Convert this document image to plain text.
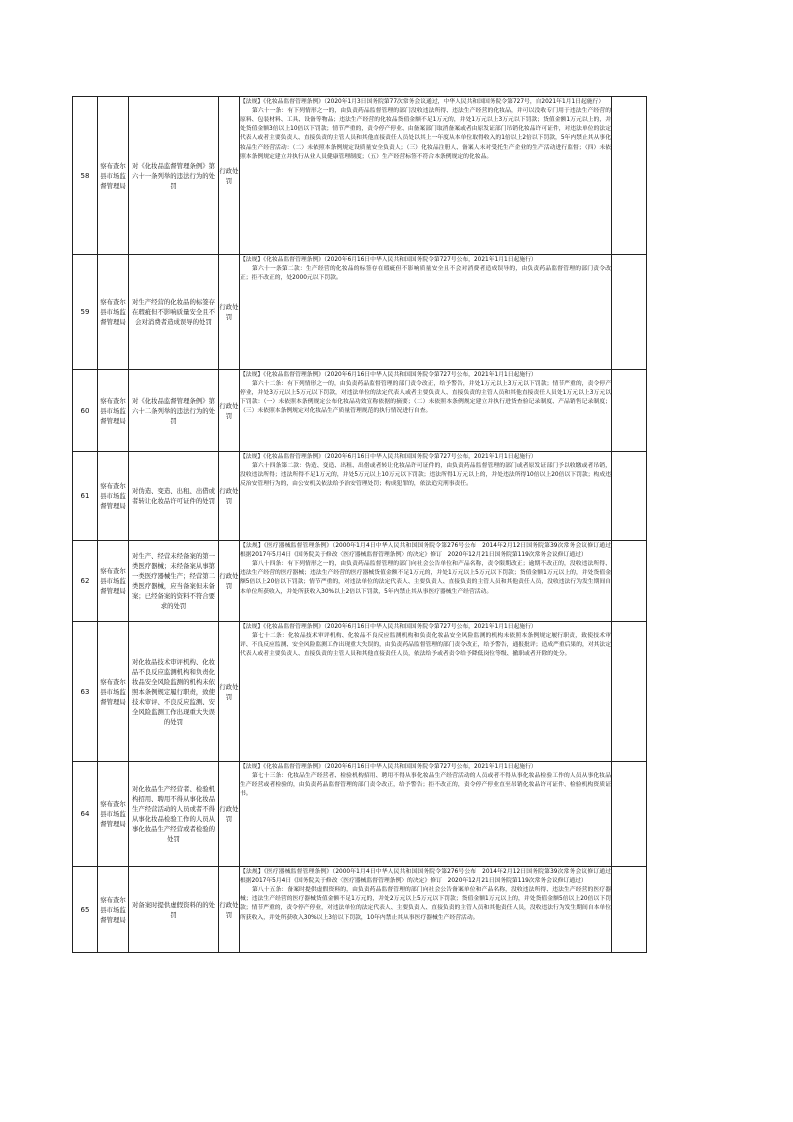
58	察布查尔县市场监督管理局	对《化妆品监督管理条例》第六十一条列举的违法行为的处罚	行政处罚	【法规】《化妆品监督管理条例》（2020年1月3日国务院第77次常务会议通过，中华人民共和国国务院令第727号，自2021年1月1日起施行）

第六十一条：有下列情形之一的，由负责药品监督管理的部门没收违法所得、违法生产经营的化妆品，并可以没收专门用于违法生产经营的原料、包装材料、工具、设备等物品；违法生产经营的化妆品货值金额不足1万元的，并处1万元以上3万元以下罚款；货值金额1万元以上的，并处货值金额3倍以上10倍以下罚款；情节严重的，责令停产停业、由备案部门取消备案或者由原发证部门吊销化妆品许可证件，对违法单位的法定代表人或者主要负责人、直接负责的主管人员和其他直接责任人员处以其上一年度从本单位取得收入的1倍以上2倍以下罚款，5年内禁止其从事化妆品生产经营活动：（二）未依照本条例规定设质量安全负责人；（三）化妆品注册人、备案人未对受托生产企业的生产活动进行监督；（四）未依照本条例规定建立并执行从业人员健康管理制度；（五）生产经营标签不符合本条例规定的化妆品。	

59	察布查尔县市场监督管理局	对生产经营的化妆品的标签存在瑕疵但不影响质量安全且不会对消费者造成误导的处罚	行政处罚	【法规】《化妆品监督管理条例》（2020年6月16日中华人民共和国国务院令第727号公布，2021年1月1日起施行）

第六十一条第二款：生产经营的化妆品的标签存在瑕疵但不影响质量安全且不会对消费者造成误导的，由负责药品监督管理的部门责令改正；拒不改正的，处2000元以下罚款。	

60	察布查尔县市场监督管理局	对《化妆品监督管理条例》第六十二条列举的违法行为的处罚	行政处罚	【法规】《化妆品监督管理条例》（2020年6月16日中华人民共和国国务院令第727号公布，2021年1月1日起施行）

第六十二条：有下列情形之一的，由负责药品监督管理的部门责令改正，给予警告，并处1万元以上3万元以下罚款；情节严重的，责令停产停业，并处3万元以上5万元以下罚款，对违法单位的法定代表人或者主要负责人、直接负责的主管人员和其他直接责任人员处1万元以上3万元以下罚款：（一）未依照本条例规定公布化妆品功效宣称依据的摘要；（二）未依照本条例规定建立并执行进货查验记录制度、产品销售记录制度；（三）未依照本条例规定对化妆品生产质量管理规范的执行情况进行自查。	

61	察布查尔县市场监督管理局	对伪造、变造、出租、出借或者转让化妆品许可证件的处罚	行政处罚	【法规】《化妆品监督管理条例》（2020年6月16日中华人民共和国国务院令第727号公布，2021年1月1日起施行）

第六十四条第二款：伪造、变造、出租、出借或者转让化妆品许可证件的，由负责药品监督管理的部门或者原发证部门予以收缴或者吊销，没收违法所得；违法所得不足1万元的，并处5万元以上10万元以下罚款；违法所得1万元以上的，并处违法所得10倍以上20倍以下罚款；构成违反治安管理行为的，由公安机关依法给予治安管理处罚；构成犯罪的，依法追究刑事责任。	

62	察布查尔县市场监督管理局	对生产、经营未经备案的第一类医疗器械；未经备案从事第一类医疗器械生产；经营第二类医疗器械，应当备案但未备案；已经备案的资料不符合要求的处罚	行政处罚	【法规】《医疗器械监督管理条例》（2000年1月4日中华人民共和国国务院令第276号公布　2014年2月12日国务院第39次常务会议修订通过　根据2017年5月4日《国务院关于修改〈医疗器械监督管理条例〉的决定》修订　2020年12月21日国务院第119次常务会议修订通过）

第八十四条：有下列情形之一的，由负责药品监督管理的部门向社会公告单位和产品名称，责令限期改正；逾期不改正的，没收违法所得、违法生产经营的医疗器械；违法生产经营的医疗器械货值金额不足1万元的，并处1万元以上5万元以下罚款；货值金额1万元以上的，并处货值金额5倍以上20倍以下罚款；情节严重的，对违法单位的法定代表人、主要负责人、直接负责的主管人员和其他责任人员，没收违法行为发生期间自本单位所获收入，并处所获收入30%以上2倍以下罚款，5年内禁止其从事医疗器械生产经营活动。	

63	察布查尔县市场监督管理局	对化妆品技术审评机构、化妆品不良反应监测机构和负责化妆品安全风险监测的机构未依照本条例规定履行职责，致使技术审评、不良反应监测、安全风险监测工作出现重大失误的处罚	行政处罚	【法规】《化妆品监督管理条例》（2020年6月16日中华人民共和国国务院令第727号公布，2021年1月1日起施行）

第七十二条：化妆品技术审评机构、化妆品不良反应监测机构和负责化妆品安全风险监测的机构未依照本条例规定履行职责，致使技术审评、不良反应监测、安全风险监测工作出现重大失误的，由负责药品监督管理的部门责令改正，给予警告，通报批评；造成严重后果的，对其法定代表人或者主要负责人、直接负责的主管人员和其他直接责任人员，依法给予或者责令给予降低岗位等级、撤职或者开除的处分。	

64	察布查尔县市场监督管理局	对化妆品生产经营者、检验机构招用、聘用不得从事化妆品生产经营活动的人员或者不得从事化妆品检验工作的人员从事化妆品生产经营或者检验的处罚	行政处罚	【法规】《化妆品监督管理条例》（2020年6月16日中华人民共和国国务院令第727号公布，2021年1月1日起施行）

第七十三条：化妆品生产经营者、检验机构招用、聘用不得从事化妆品生产经营活动的人员或者不得从事化妆品检验工作的人员从事化妆品生产经营或者检验的，由负责药品监督管理的部门责令改正，给予警告；拒不改正的，责令停产停业直至吊销化妆品许可证件、检验机构资质证书。	

65	察布查尔县市场监督管理局	对备案时提供虚假资料的的处罚	行政处罚	【法规】《医疗器械监督管理条例》（2000年1月4日中华人民共和国国务院令第276号公布　2014年2月12日国务院第39次常务会议修订通过　根据2017年5月4日《国务院关于修改〈医疗器械监督管理条例〉的决定》修订　2020年12月21日国务院第119次常务会议修订通过）

第八十五条：备案时提供虚假资料的，由负责药品监督管理的部门向社会公告备案单位和产品名称，没收违法所得、违法生产经营的医疗器械；违法生产经营的医疗器械货值金额不足1万元的，并处2万元以上5万元以下罚款；货值金额1万元以上的，并处货值金额5倍以上20倍以下罚款；情节严重的，责令停产停业，对违法单位的法定代表人、主要负责人、直接负责的主管人员和其他责任人员，没收违法行为发生期间自本单位所获收入，并处所获收入30%以上3倍以下罚款，10年内禁止其从事医疗器械生产经营活动。	
